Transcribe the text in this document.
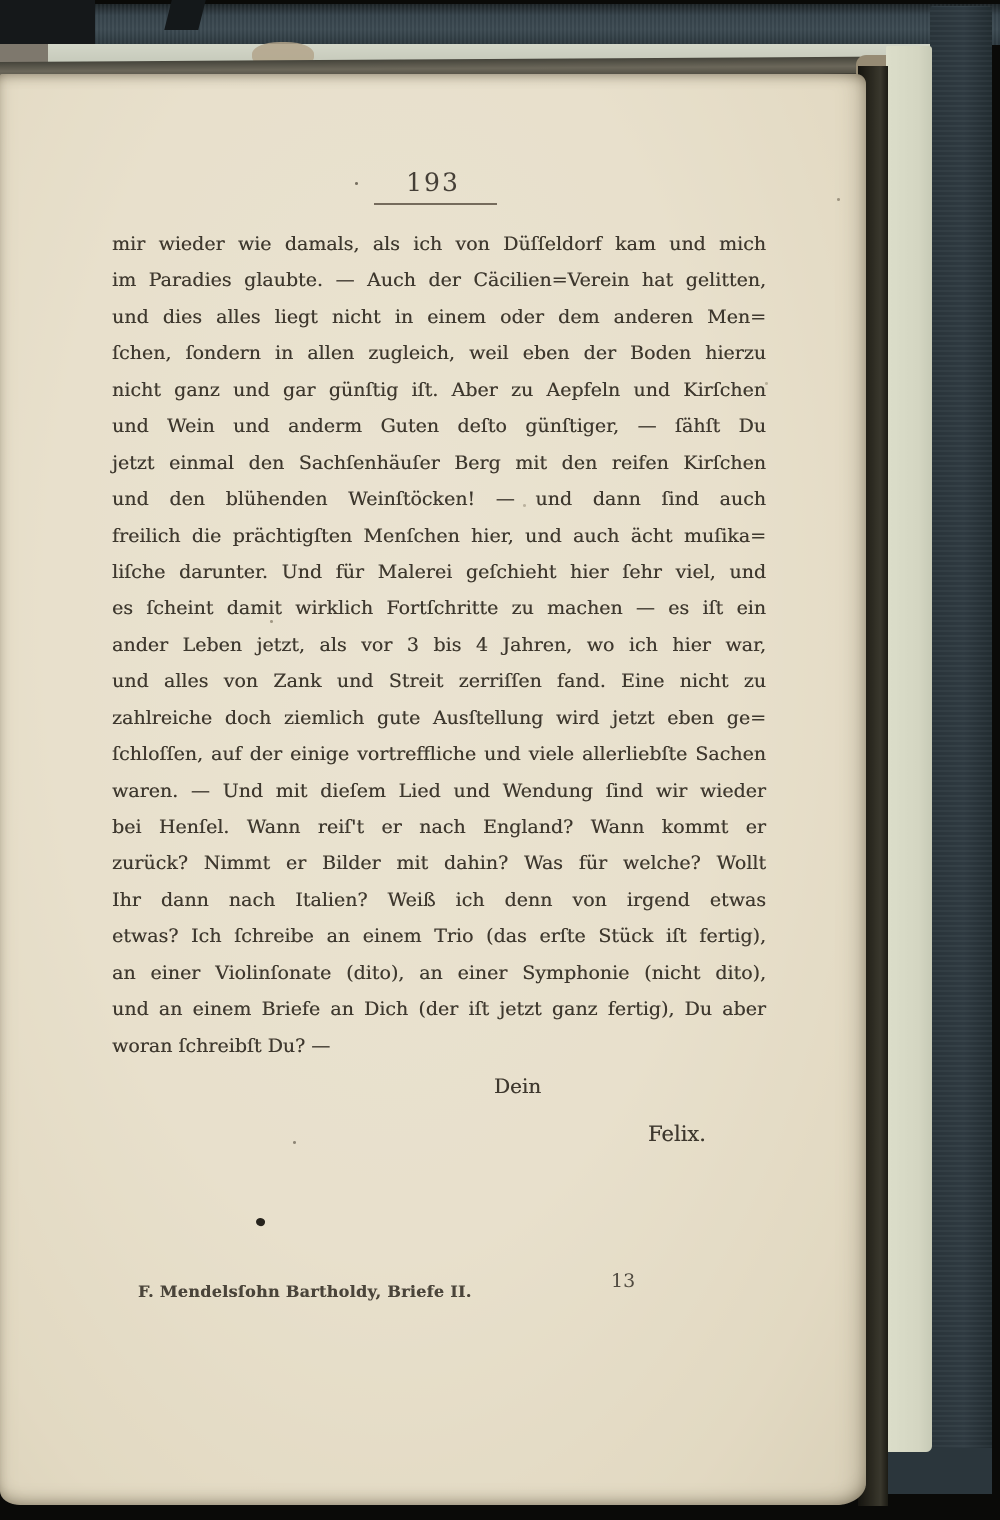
193
mir wieder wie damals, als ich von Düſſeldorf kam und mich
im Paradies glaubte. — Auch der Cäcilien=Verein hat gelitten,
und dies alles liegt nicht in einem oder dem anderen Men=
ſchen, ſondern in allen zugleich, weil eben der Boden hierzu
nicht ganz und gar günſtig iſt. Aber zu Aepfeln und Kirſchen
und Wein und anderm Guten deſto günſtiger, — ſähſt Du
jetzt einmal den Sachſenhäuſer Berg mit den reifen Kirſchen
und den blühenden Weinſtöcken! — und dann ſind auch
freilich die prächtigſten Menſchen hier, und auch ächt muſika=
liſche darunter. Und für Malerei geſchieht hier ſehr viel, und
es ſcheint damit wirklich Fortſchritte zu machen — es iſt ein
ander Leben jetzt, als vor 3 bis 4 Jahren, wo ich hier war,
und alles von Zank und Streit zerriſſen fand. Eine nicht zu
zahlreiche doch ziemlich gute Ausſtellung wird jetzt eben ge=
ſchloſſen, auf der einige vortreffliche und viele allerliebſte Sachen
waren. — Und mit dieſem Lied und Wendung ſind wir wieder
bei Henſel. Wann reiſ't er nach England? Wann kommt er
zurück? Nimmt er Bilder mit dahin? Was für welche? Wollt
Ihr dann nach Italien? Weiß ich denn von irgend etwas
etwas? Ich ſchreibe an einem Trio (das erſte Stück iſt fertig),
an einer Violinſonate (dito), an einer Symphonie (nicht dito),
und an einem Briefe an Dich (der iſt jetzt ganz fertig), Du aber
woran ſchreibſt Du? —
Dein
Felix.
F. Mendelsſohn Bartholdy, Briefe II.	13
